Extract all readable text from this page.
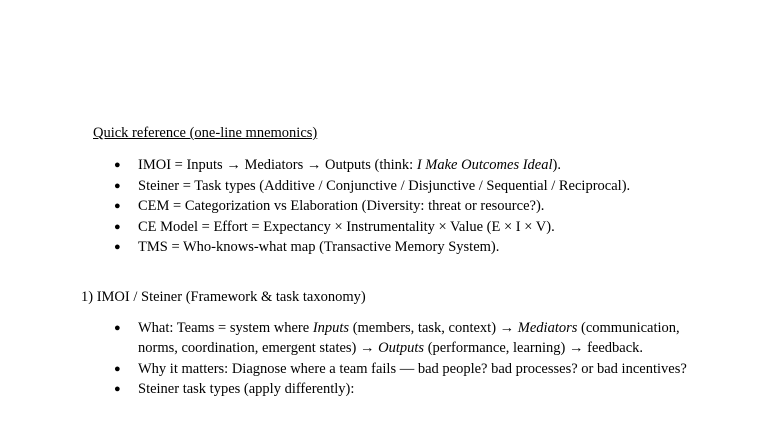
Quick reference (one-line mnemonics)
● IMOI = Inputs → Mediators → Outputs (think: I Make Outcomes Ideal).
● Steiner = Task types (Additive / Conjunctive / Disjunctive / Sequential / Reciprocal).
● CEM = Categorization vs Elaboration (Diversity: threat or resource?).
● CE Model = Effort = Expectancy × Instrumentality × Value (E × I × V).
● TMS = Who-knows-what map (Transactive Memory System).
1) IMOI / Steiner (Framework & task taxonomy)
● What: Teams = system where Inputs (members, task, context) → Mediators (communication, norms, coordination, emergent states) → Outputs (performance, learning) → feedback.
● Why it matters: Diagnose where a team fails — bad people? bad processes? or bad incentives?
● Steiner task types (apply differently):
